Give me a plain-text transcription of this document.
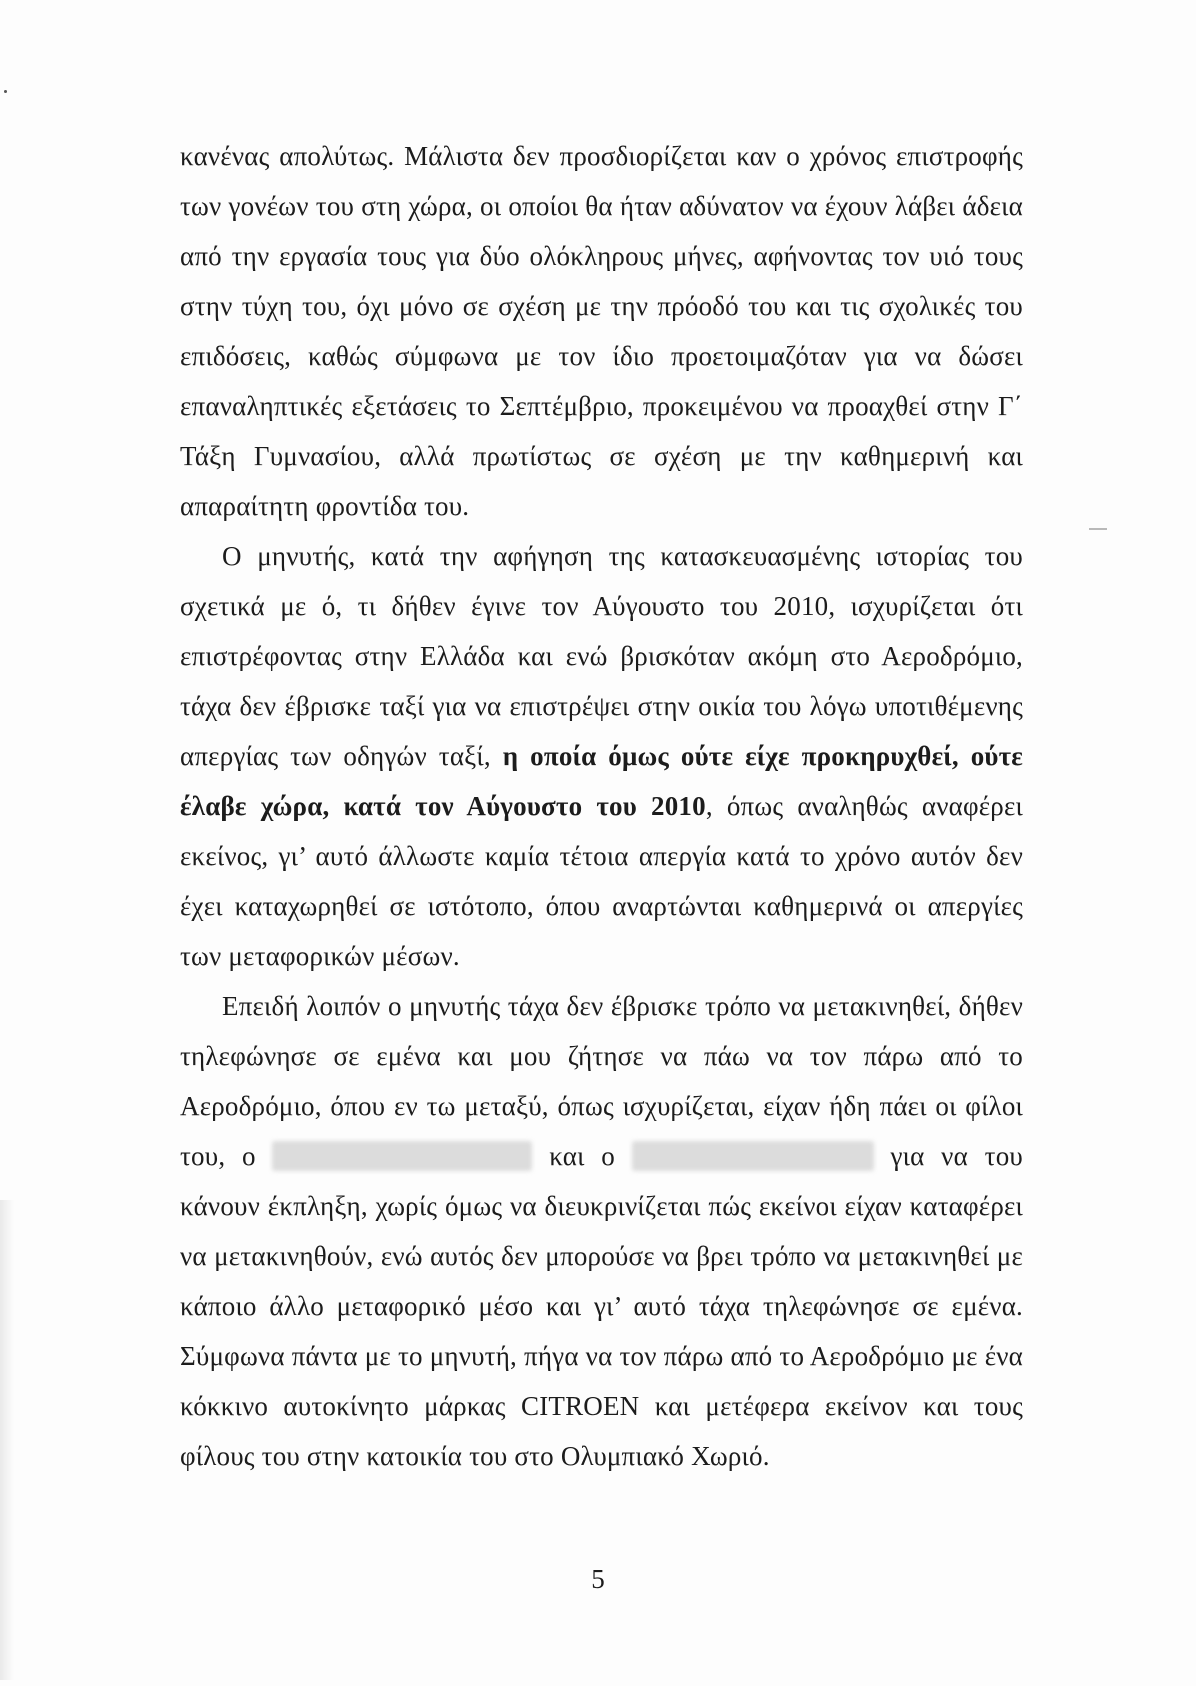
κανένας απολύτως. Μάλιστα δεν προσδιορίζεται καν ο χρόνος επιστροφής των γονέων του στη χώρα, οι οποίοι θα ήταν αδύνατον να έχουν λάβει άδεια από την εργασία τους για δύο ολόκληρους μήνες, αφήνοντας τον υιό τους στην τύχη του, όχι μόνο σε σχέση με την πρόοδό του και τις σχολικές του επιδόσεις, καθώς σύμφωνα με τον ίδιο προετοιμαζόταν για να δώσει επαναληπτικές εξετάσεις το Σεπτέμβριο, προκειμένου να προαχθεί στην Γ΄ Τάξη Γυμνασίου, αλλά πρωτίστως σε σχέση με την καθημερινή και απαραίτητη φροντίδα του.

Ο μηνυτής, κατά την αφήγηση της κατασκευασμένης ιστορίας του σχετικά με ό, τι δήθεν έγινε τον Αύγουστο του 2010, ισχυρίζεται ότι επιστρέφοντας στην Ελλάδα και ενώ βρισκόταν ακόμη στο Αεροδρόμιο, τάχα δεν έβρισκε ταξί για να επιστρέψει στην οικία του λόγω υποτιθέμενης απεργίας των οδηγών ταξί, η οποία όμως ούτε είχε προκηρυχθεί, ούτε έλαβε χώρα, κατά τον Αύγουστο του 2010, όπως αναληθώς αναφέρει εκείνος, γι’ αυτό άλλωστε καμία τέτοια απεργία κατά το χρόνο αυτόν δεν έχει καταχωρηθεί σε ιστότοπο, όπου αναρτώνται καθημερινά οι απεργίες των μεταφορικών μέσων.

Επειδή λοιπόν ο μηνυτής τάχα δεν έβρισκε τρόπο να μετακινηθεί, δήθεν τηλεφώνησε σε εμένα και μου ζήτησε να πάω να τον πάρω από το Αεροδρόμιο, όπου εν τω μεταξύ, όπως ισχυρίζεται, είχαν ήδη πάει οι φίλοι του, ο	και ο	για να του κάνουν έκπληξη, χωρίς όμως να διευκρινίζεται πώς εκείνοι είχαν καταφέρει να μετακινηθούν, ενώ αυτός δεν μπορούσε να βρει τρόπο να μετακινηθεί με κάποιο άλλο μεταφορικό μέσο και γι’ αυτό τάχα τηλεφώνησε σε εμένα. Σύμφωνα πάντα με το μηνυτή, πήγα να τον πάρω από το Αεροδρόμιο με ένα κόκκινο αυτοκίνητο μάρκας CITROEN και μετέφερα εκείνον και τους φίλους του στην κατοικία του στο Ολυμπιακό Χωριό.

5
